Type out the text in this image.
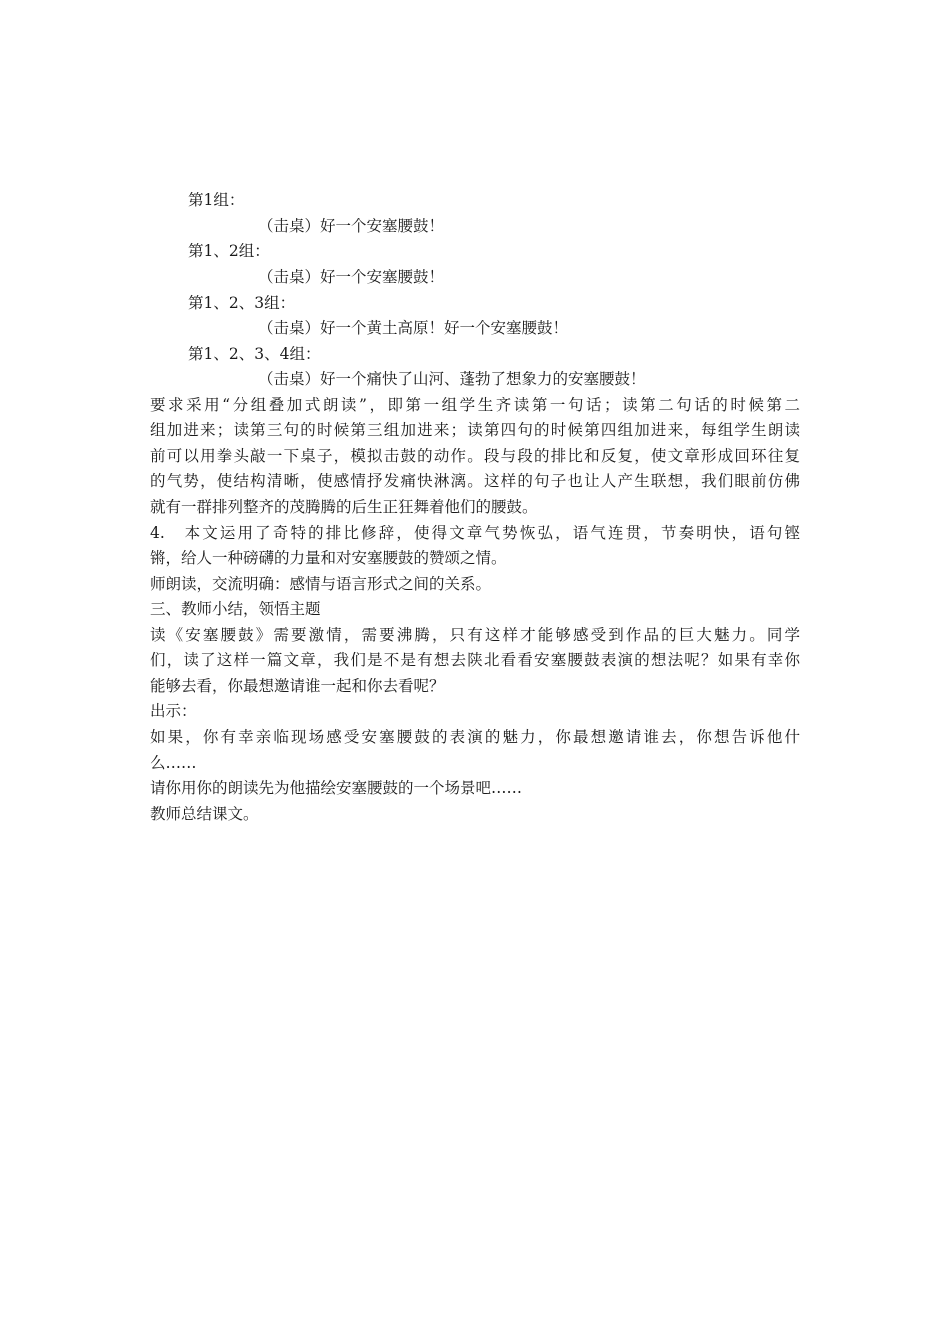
第1组：
（击桌）好一个安塞腰鼓！
第1、2组：
（击桌）好一个安塞腰鼓！
第1、2、3组：
（击桌）好一个黄土高原！好一个安塞腰鼓！
第1、2、3、4组：
（击桌）好一个痛快了山河、蓬勃了想象力的安塞腰鼓！
要求采用“分组叠加式朗读”，即第一组学生齐读第一句话；读第二句话的时候第二
组加进来；读第三句的时候第三组加进来；读第四句的时候第四组加进来，每组学生朗读
前可以用拳头敲一下桌子，模拟击鼓的动作。段与段的排比和反复，使文章形成回环往复
的气势，使结构清晰，使感情抒发痛快淋漓。这样的句子也让人产生联想，我们眼前仿佛
就有一群排列整齐的茂腾腾的后生正狂舞着他们的腰鼓。
4.　本文运用了奇特的排比修辞，使得文章气势恢弘，语气连贯，节奏明快，语句铿
锵，给人一种磅礴的力量和对安塞腰鼓的赞颂之情。
师朗读，交流明确：感情与语言形式之间的关系。
三、教师小结，领悟主题
读《安塞腰鼓》需要激情，需要沸腾，只有这样才能够感受到作品的巨大魅力。同学
们，读了这样一篇文章，我们是不是有想去陕北看看安塞腰鼓表演的想法呢？如果有幸你
能够去看，你最想邀请谁一起和你去看呢？
出示：
如果，你有幸亲临现场感受安塞腰鼓的表演的魅力，你最想邀请谁去，你想告诉他什
么……
请你用你的朗读先为他描绘安塞腰鼓的一个场景吧……
教师总结课文。
